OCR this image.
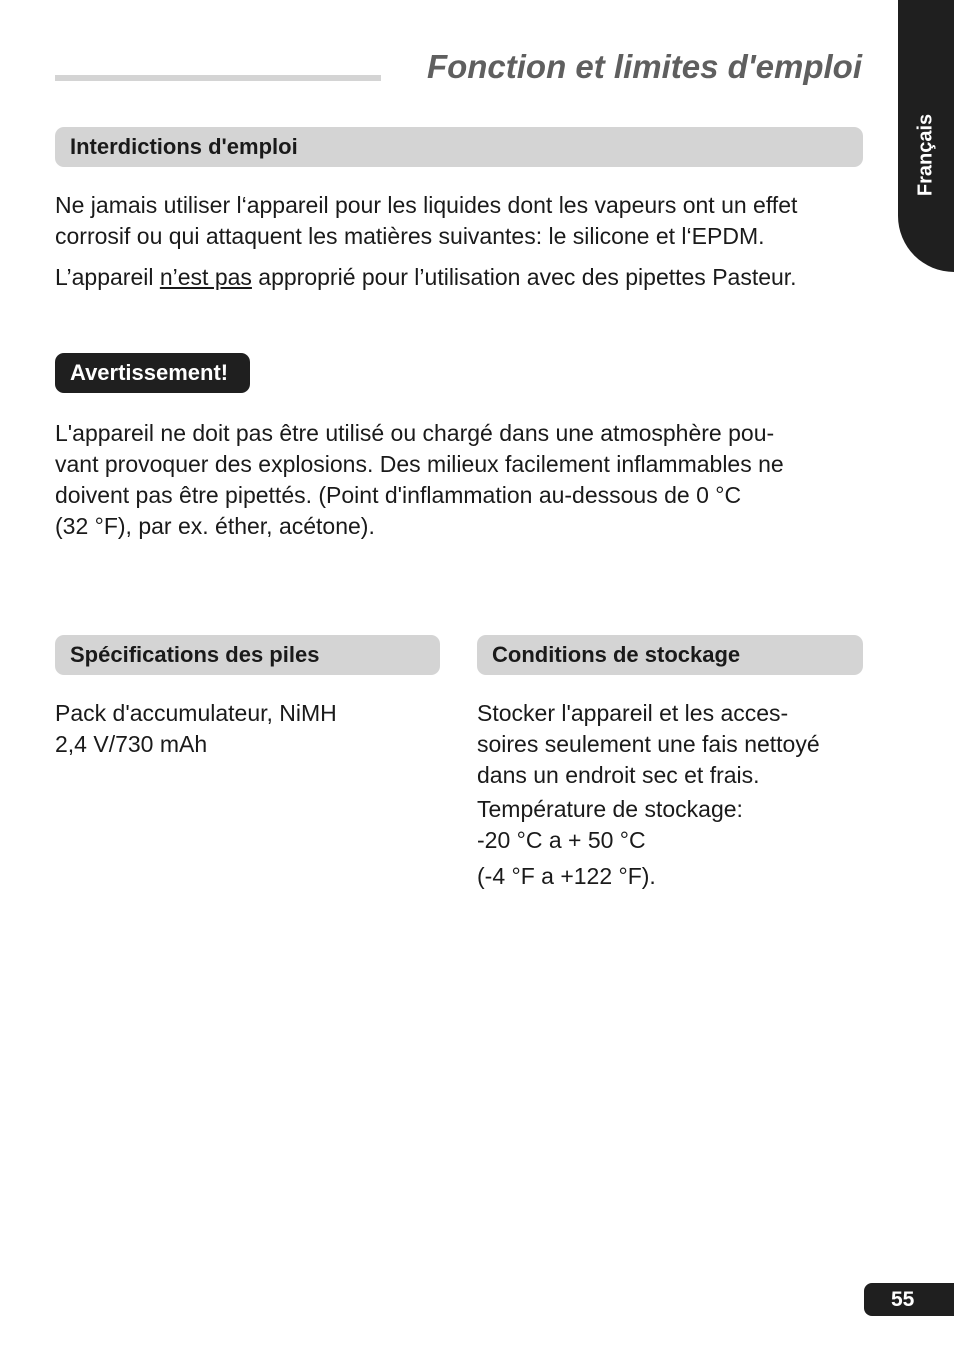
Fonction et limites d'emploi
Français
Interdictions d'emploi

Ne jamais utiliser l‘appareil pour les liquides dont les vapeurs ont un effet
corrosif ou qui attaquent les matières suivantes: le silicone et l‘EPDM.

L’appareil n’est pas approprié pour l’utilisation avec des pipettes Pasteur.

Avertissement!

L'appareil ne doit pas être utilisé ou chargé dans une atmosphère pou-
vant provoquer des explosions. Des milieux facilement inflammables ne
doivent pas être pipettés. (Point d'inflammation au-dessous de 0 °C
(32 °F), par ex. éther, acétone).

Spécifications des piles

Pack d'accumulateur, NiMH
2,4 V/730 mAh

Conditions de stockage

Stocker l'appareil et les acces-
soires seulement une fais nettoyé
dans un endroit sec et frais.

Température de stockage:
-20 °C a + 50 °C

(-4 °F a +122 °F).

55
